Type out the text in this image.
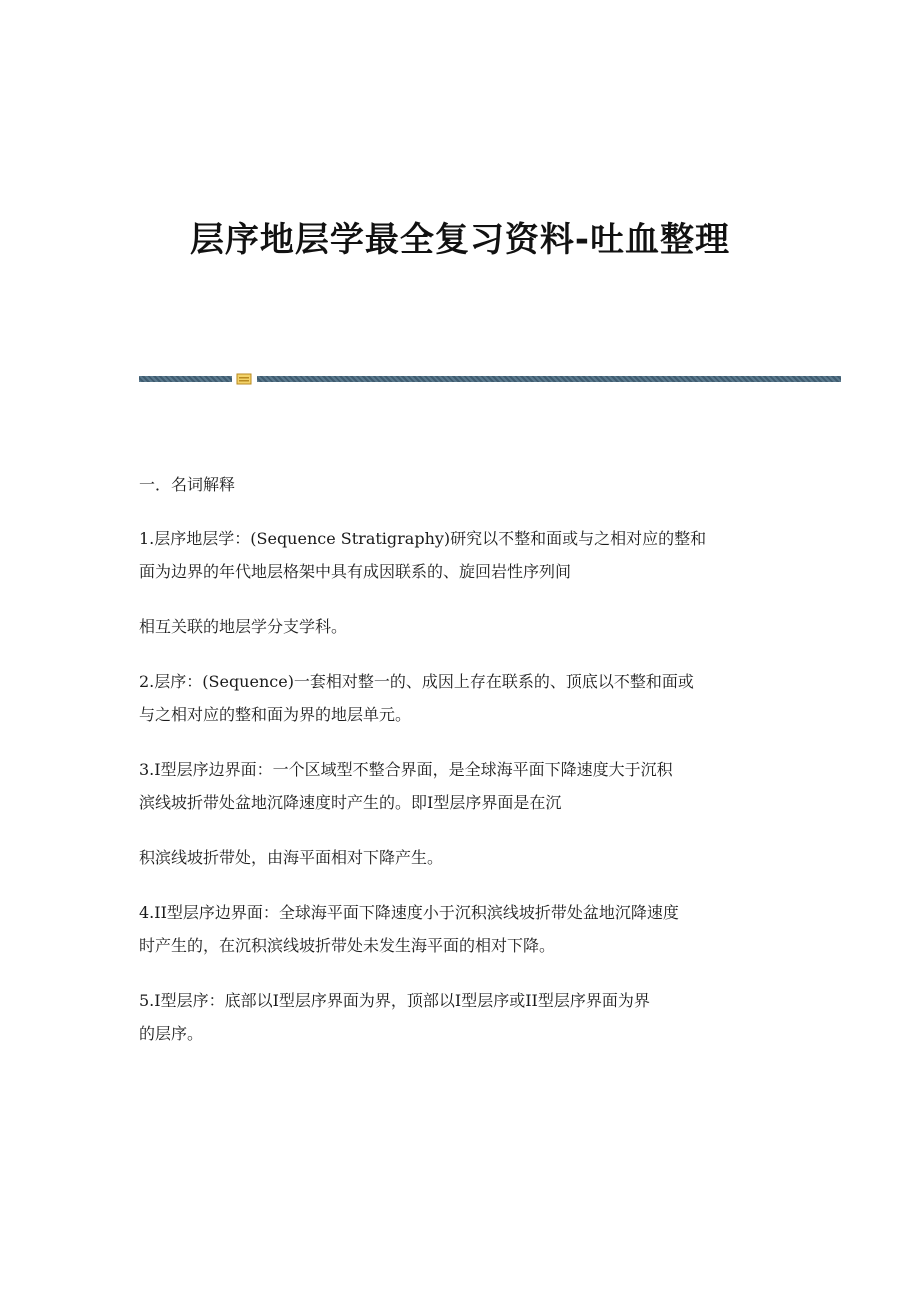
层序地层学最全复习资料-吐血整理

一．名词解释

1.层序地层学：(Sequence Stratigraphy)研究以不整和面或与之相对应的整和

面为边界的年代地层格架中具有成因联系的、旋回岩性序列间

相互关联的地层学分支学科。

2.层序：(Sequence)一套相对整一的、成因上存在联系的、顶底以不整和面或

与之相对应的整和面为界的地层单元。

3.I型层序边界面：一个区域型不整合界面，是全球海平面下降速度大于沉积

滨线坡折带处盆地沉降速度时产生的。即I型层序界面是在沉

积滨线坡折带处，由海平面相对下降产生。

4.II型层序边界面：全球海平面下降速度小于沉积滨线坡折带处盆地沉降速度

时产生的，在沉积滨线坡折带处未发生海平面的相对下降。

5.I型层序：底部以I型层序界面为界，顶部以I型层序或II型层序界面为界

的层序。
